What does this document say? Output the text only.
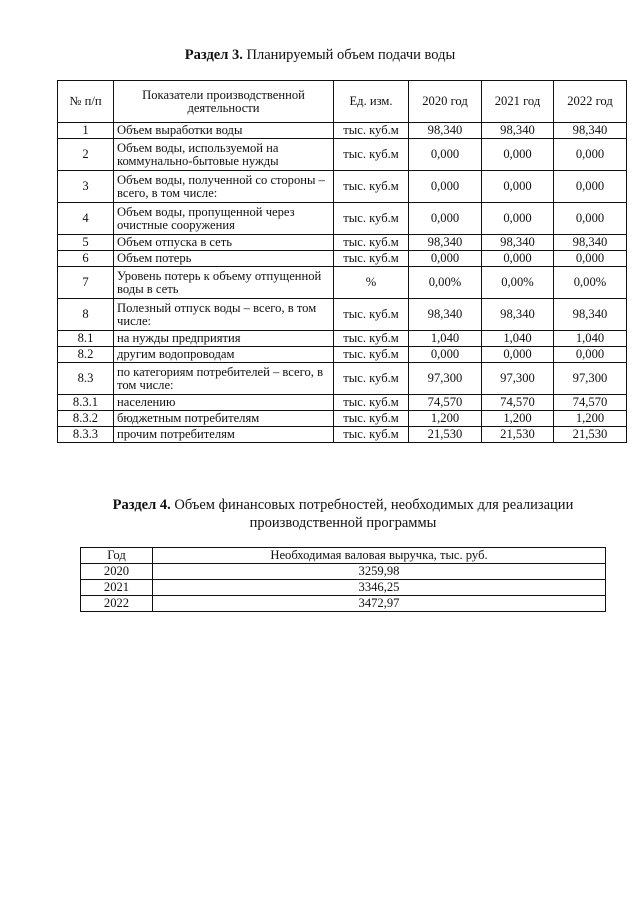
Раздел 3. Планируемый объем подачи воды
№ п/п	Показатели производственной деятельности	Ед. изм.	2020 год	2021 год	2022 год
1	Объем выработки воды	тыс. куб.м	98,340	98,340	98,340
2	Объем воды, используемой на коммунально-бытовые нужды	тыс. куб.м	0,000	0,000	0,000
3	Объем воды, полученной со стороны – всего, в том числе:	тыс. куб.м	0,000	0,000	0,000
4	Объем воды, пропущенной через очистные сооружения	тыс. куб.м	0,000	0,000	0,000
5	Объем отпуска в сеть	тыс. куб.м	98,340	98,340	98,340
6	Объем потерь	тыс. куб.м	0,000	0,000	0,000
7	Уровень потерь к объему отпущенной воды в сеть	%	0,00%	0,00%	0,00%
8	Полезный отпуск воды – всего, в том числе:	тыс. куб.м	98,340	98,340	98,340
8.1	на нужды предприятия	тыс. куб.м	1,040	1,040	1,040
8.2	другим водопроводам	тыс. куб.м	0,000	0,000	0,000
8.3	по категориям потребителей – всего, в том числе:	тыс. куб.м	97,300	97,300	97,300
8.3.1	населению	тыс. куб.м	74,570	74,570	74,570
8.3.2	бюджетным потребителям	тыс. куб.м	1,200	1,200	1,200
8.3.3	прочим потребителям	тыс. куб.м	21,530	21,530	21,530
Раздел 4. Объем финансовых потребностей, необходимых для реализации производственной программы
Год	Необходимая валовая выручка, тыс. руб.
2020	3259,98
2021	3346,25
2022	3472,97
